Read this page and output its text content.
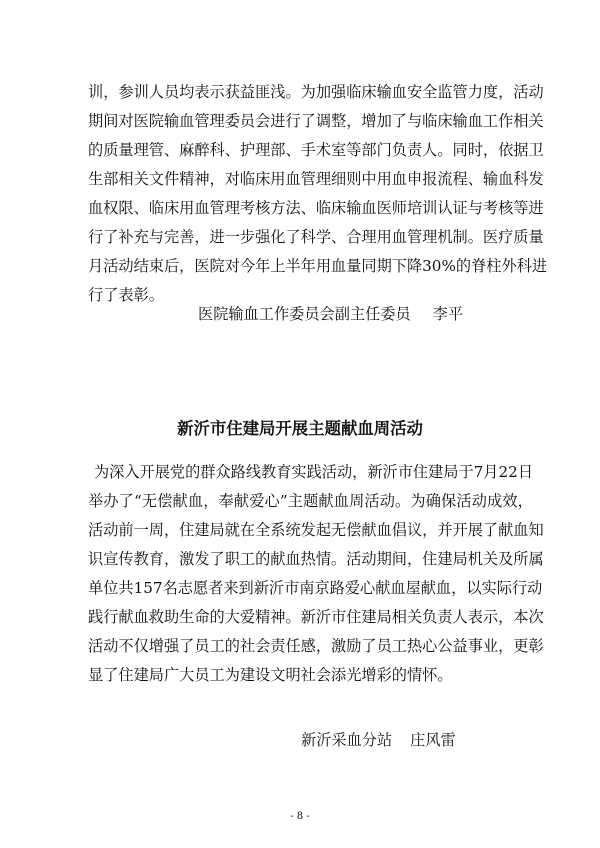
训 ， 参 训 人 员 均 表 示 获 益 匪 浅 。 为 加 强 临 床 输 血 安 全 监 管 力 度 ， 活 动
期 间 对 医 院 输 血 管 理 委 员 会 进 行 了 调 整 ， 增 加 了 与 临 床 输 血 工 作 相 关
的 质 量 理 管 、 麻 醉 科 、 护 理 部 、 手 术 室 等 部 门 负 责 人 。 同 时 ， 依 据 卫
生 部 相 关 文 件 精 神 ， 对 临 床 用 血 管 理 细 则 中 用 血 申 报 流 程 、 输 血 科 发
血 权 限 、 临 床 用 血 管 理 考 核 方 法 、 临 床 输 血 医 师 培 训 认 证 与 考 核 等 进
行 了 补 充 与 完 善 ， 进 一 步 强 化 了 科 学 、 合 理 用 血 管 理 机 制 。 医 疗 质 量
月 活 动 结 束 后 ， 医 院 对 今 年 上 半 年 用 血 量 同 期 下 降 30% 的 脊 柱 外 科 进
行了表彰。

医院输血工作委员会副主任委员 李平

新沂市住建局开展主题献血周活动
为 深 入 开 展 党 的 群 众 路 线 教 育 实 践 活 动 ， 新 沂 市 住 建 局 于 7 月 22 日
举 办 了 “ 无 偿 献 血 ， 奉 献 爱 心 ” 主 题 献 血 周 活 动 。 为 确 保 活 动 成 效 ，
活 动 前 一 周 ， 住 建 局 就 在 全 系 统 发 起 无 偿 献 血 倡 议 ， 并 开 展 了 献 血 知
识 宣 传 教 育 ， 激 发 了 职 工 的 献 血 热 情 。 活 动 期 间 ， 住 建 局 机 关 及 所 属
单 位 共 157 名 志 愿 者 来 到 新 沂 市 南 京 路 爱 心 献 血 屋 献 血 ， 以 实 际 行 动
践 行 献 血 救 助 生 命 的 大 爱 精 神 。 新 沂 市 住 建 局 相 关 负 责 人 表 示 ， 本 次
活 动 不 仅 增 强 了 员 工 的 社 会 责 任 感 ， 激 励 了 员 工 热 心 公 益 事 业 ， 更 彰
显了住建局广大员工为建设文明社会添光增彩的情怀。

新沂采血分站 庄风雷

- 8 -
